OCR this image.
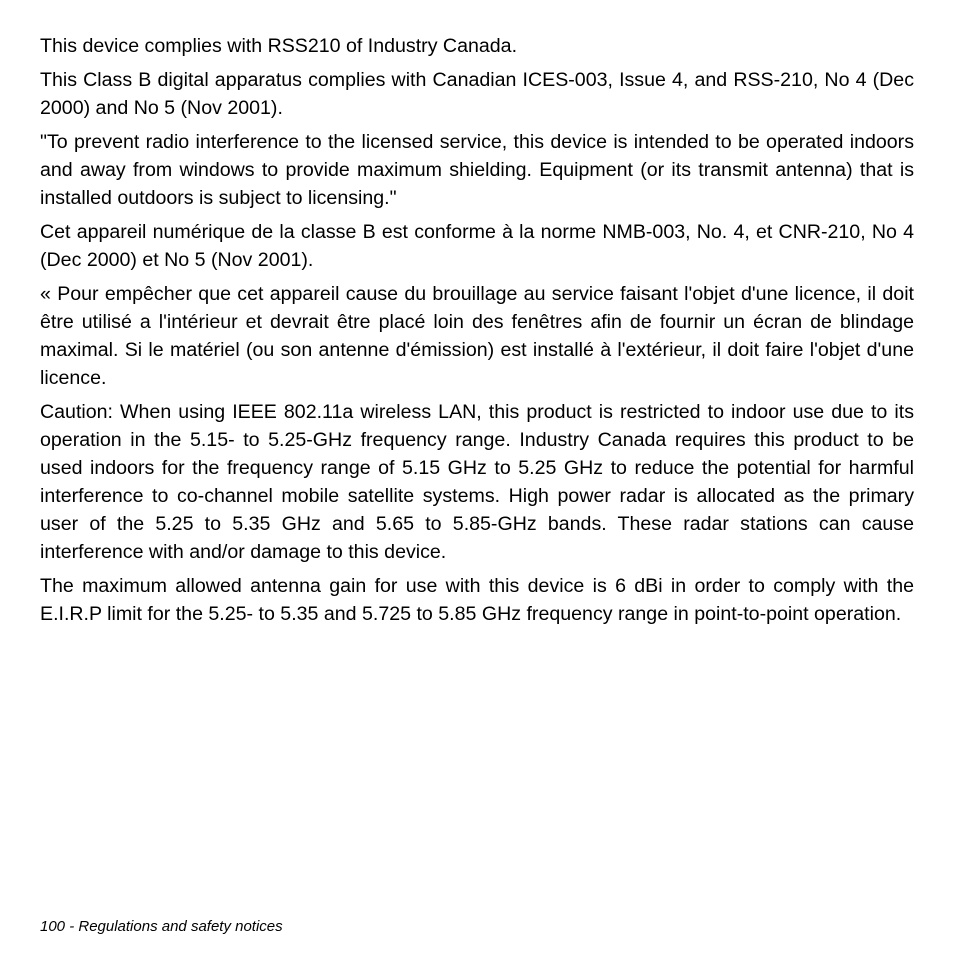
This device complies with RSS210 of Industry Canada.

This Class B digital apparatus complies with Canadian ICES-003, Issue 4, and RSS-210, No 4 (Dec 2000) and No 5 (Nov 2001).

"To prevent radio interference to the licensed service, this device is intended to be operated indoors and away from windows to provide maximum shielding. Equipment (or its transmit antenna) that is installed outdoors is subject to licensing."

Cet appareil numérique de la classe B est conforme à la norme NMB-003, No. 4, et CNR-210, No 4 (Dec 2000) et No 5 (Nov 2001).

« Pour empêcher que cet appareil cause du brouillage au service faisant l'objet d'une licence, il doit être utilisé a l'intérieur et devrait être placé loin des fenêtres afin de fournir un écran de blindage maximal. Si le matériel (ou son antenne d'émission) est installé à l'extérieur, il doit faire l'objet d'une licence.

Caution: When using IEEE 802.11a wireless LAN, this product is restricted to indoor use due to its operation in the 5.15- to 5.25-GHz frequency range. Industry Canada requires this product to be used indoors for the frequency range of 5.15 GHz to 5.25 GHz to reduce the potential for harmful interference to co-channel mobile satellite systems. High power radar is allocated as the primary user of the 5.25 to 5.35 GHz and 5.65 to 5.85-GHz bands. These radar stations can cause interference with and/or damage to this device.

The maximum allowed antenna gain for use with this device is 6 dBi in order to comply with the E.I.R.P limit for the 5.25- to 5.35 and 5.725 to 5.85 GHz frequency range in point-to-point operation.

100 - Regulations and safety notices
